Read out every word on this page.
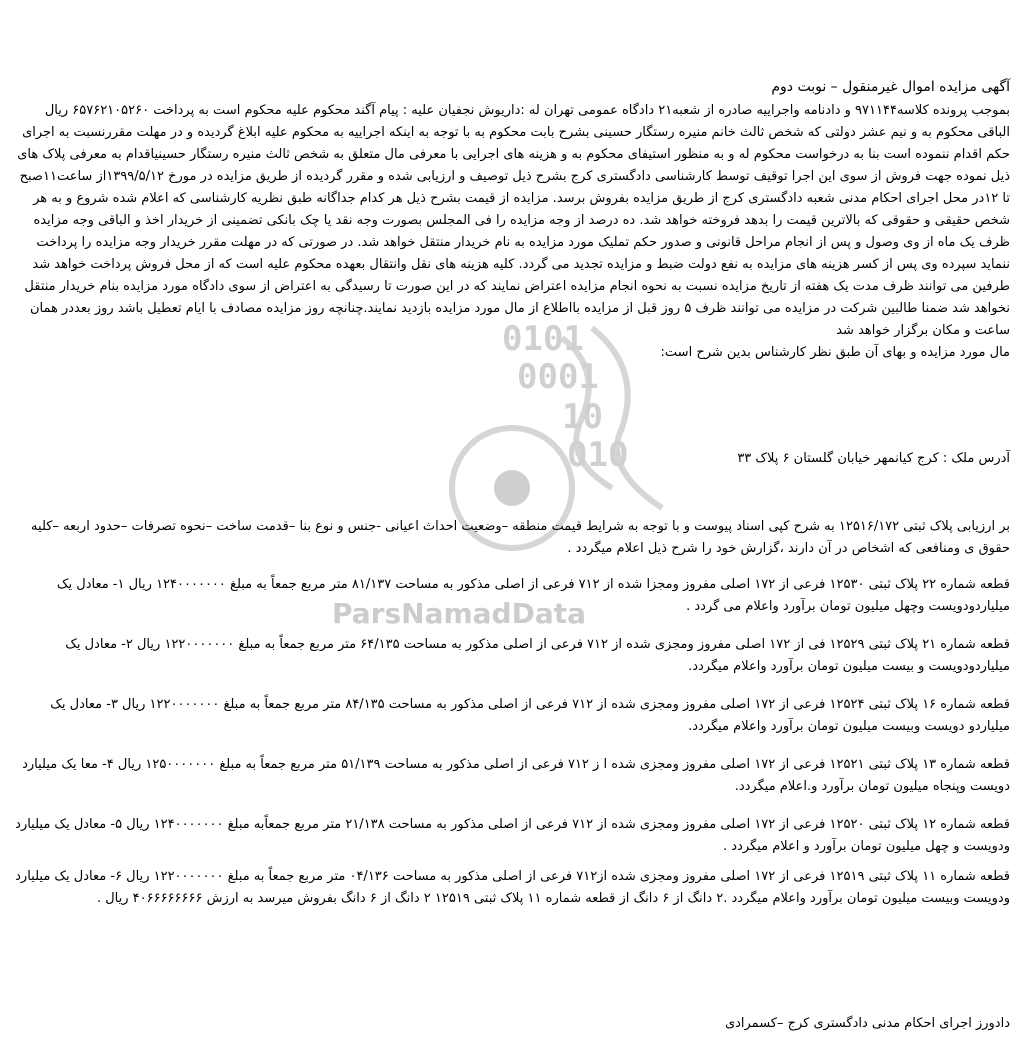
0101
0001
10
010
ParsNamadData
آگهی مزایده اموال غیرمنقول – نوبت دوم
بموجب پرونده کلاسه۹۷۱۱۴۴ و دادنامه واجراییه صادره از شعبه۲۱ دادگاه عمومی تهران له :داریوش نجفیان علیه : پیام آگند محکوم علیه محکوم است به پرداخت ۶۵۷۶۲۱۰۵۲۶۰ ریال الباقی محکوم به و نیم عشر دولتی که شخص ثالث خانم منیره رستگار حسینی بشرح بابت محکوم به با توجه به اینکه اجراییه به محکوم علیه ابلاغ گردیده و در مهلت مقررنسبت به اجرای حکم اقدام ننموده است بنا به درخواست محکوم له و به منظور استیفای محکوم به و هزینه های اجرایی با معرفی مال متعلق به شخص ثالث منیره رستگار حسینیاقدام به معرفی پلاک های ذیل نموده جهت فروش از سوی این اجرا توقیف توسط کارشناسی دادگستری کرج بشرح ذیل توصیف و ارزیابی شده و مقرر گردیده از طریق مزایده در مورخ ۱۳۹۹/۵/۱۲از ساعت۱۱صبح تا ۱۲در محل اجرای احکام مدنی شعبه دادگستری کرج از طریق مزایده بفروش برسد. مزایده از قیمت بشرح ذیل هر کدام جداگانه طبق نظریه کارشناسی که اعلام شده شروع و به هر شخص حقیقی و حقوقی که بالاترین قیمت را بدهد فروخته خواهد شد. ده درصد از وجه مزایده را فی المجلس بصورت وجه نقد یا چک بانکی تضمینی از خریدار اخذ و الباقی وجه مزایده ظرف یک ماه از وی وصول و پس از انجام مراحل قانونی و صدور حکم تملیک مورد مزایده به نام خریدار منتقل خواهد شد. در صورتی که در مهلت مقرر خریدار وجه مزایده را پرداخت ننماید سپرده وی پس از کسر هزینه های مزایده به نفع دولت ضبط و مزایده تجدید می گردد. کلیه هزینه های نقل وانتقال بعهده محکوم علیه است که از محل فروش پرداخت خواهد شد طرفین می توانند ظرف مدت یک هفته از تاریخ مزایده نسبت به نحوه انجام مزایده اعتراض نمایند که در این صورت تا رسیدگی به اعتراض از سوی دادگاه مورد مزایده بنام خریدار منتقل نخواهد شد ضمنا طالبین شرکت در مزایده می توانند ظرف ۵ روز قبل از مزایده بااطلاع از مال مورد مزایده بازدید نمایند.چنانچه روز مزایده مصادف با ایام تعطیل باشد روز بعددر همان ساعت و مکان برگزار خواهد شد
مال مورد مزایده و بهای آن طبق نظر کارشناس بدین شرح است:
آدرس ملک : کرج کیانمهر خیابان گلستان ۶ پلاک ۳۳
بر ارزیابی پلاک ثبتی ۱۲۵۱۶/۱۷۲ به شرح کپی اسناد پیوست و با توجه به شرایط قیمت منطقه –وضعیت احداث اعیانی -جنس و نوع بنا –قدمت ساخت –نحوه تصرفات –حدود اربعه –کلیه حقوق ی ومنافعی که اشخاص در آن دارند ،گزارش خود را شرح ذیل اعلام میگردد .
قطعه شماره ۲۲ پلاک ثبتی ۱۲۵۳۰ فرعی از ۱۷۲ اصلی مفروز ومجزا شده از ۷۱۲ فرعی از اصلی مذکور به مساحت ۸۱/۱۳۷ متر مربع جمعاً به مبلغ ۱۲۴۰۰۰۰۰۰۰ ریال ۱- معادل یک میلیاردودویست وچهل میلیون تومان برآورد واعلام می گردد .
قطعه شماره ۲۱ پلاک ثبتی ۱۲۵۲۹ فی از ۱۷۲ اصلی مفروز ومجزی شده از ۷۱۲ فرعی از اصلی مذکور به مساحت ۶۴/۱۳۵ متر مربع جمعاً به مبلغ ۱۲۲۰۰۰۰۰۰۰ ریال ۲- معادل یک میلیاردودویست و بیست میلیون تومان برآورد واعلام میگردد.
قطعه شماره ۱۶ پلاک ثبتی ۱۲۵۲۴ فرعی از ۱۷۲ اصلی مفروز ومجزی شده از ۷۱۲ فرعی از اصلی مذکور به مساحت ۸۴/۱۳۵ متر مربع جمعاً به مبلغ ۱۲۲۰۰۰۰۰۰۰ ریال ۳- معادل یک میلیاردو دویست وبیست میلیون تومان برآورد واعلام میگردد.
قطعه شماره ۱۳ پلاک ثبتی ۱۲۵۲۱ فرعی از ۱۷۲ اصلی مفروز ومجزی شده ا ز ۷۱۲ فرعی از اصلی مذکور به مساحت ۵۱/۱۳۹ متر مربع جمعاً به مبلغ ۱۲۵۰۰۰۰۰۰۰ ریال ۴- معا یک میلیارد دویست وپنجاه میلیون تومان برآورد و.اعلام میگردد.
قطعه شماره ۱۲ پلاک ثبتی ۱۲۵۲۰ فرعی از ۱۷۲ اصلی مفروز ومجزی شده از ۷۱۲ فرعی از اصلی مذکور به مساحت ۲۱/۱۳۸ متر مربع جمعاًبه مبلغ ۱۲۴۰۰۰۰۰۰۰ ریال ۵- معادل یک میلیارد ودویست و چهل میلیون تومان برآورد و اعلام میگردد .
قطعه شماره ۱۱ پلاک ثبتی ۱۲۵۱۹ فرعی از ۱۷۲ اصلی مفروز ومجزی شده از۷۱۲ فرعی از اصلی مذکور به مساحت ۰۴/۱۳۶ متر مربع جمعاً به مبلغ ۱۲۲۰۰۰۰۰۰۰ ریال ۶- معادل یک میلیارد ودویست وبیست میلیون تومان برآورد واعلام میگردد .۲ دانگ از ۶ دانگ از قطعه شماره ۱۱ پلاک ثبتی ۱۲۵۱۹ ۲ دانگ از ۶ دانگ بفروش میرسد به ارزش ۴۰۶۶۶۶۶۶۶۶ ریال .
دادورز اجرای احکام مدنی دادگستری کرج –کسمرادی
